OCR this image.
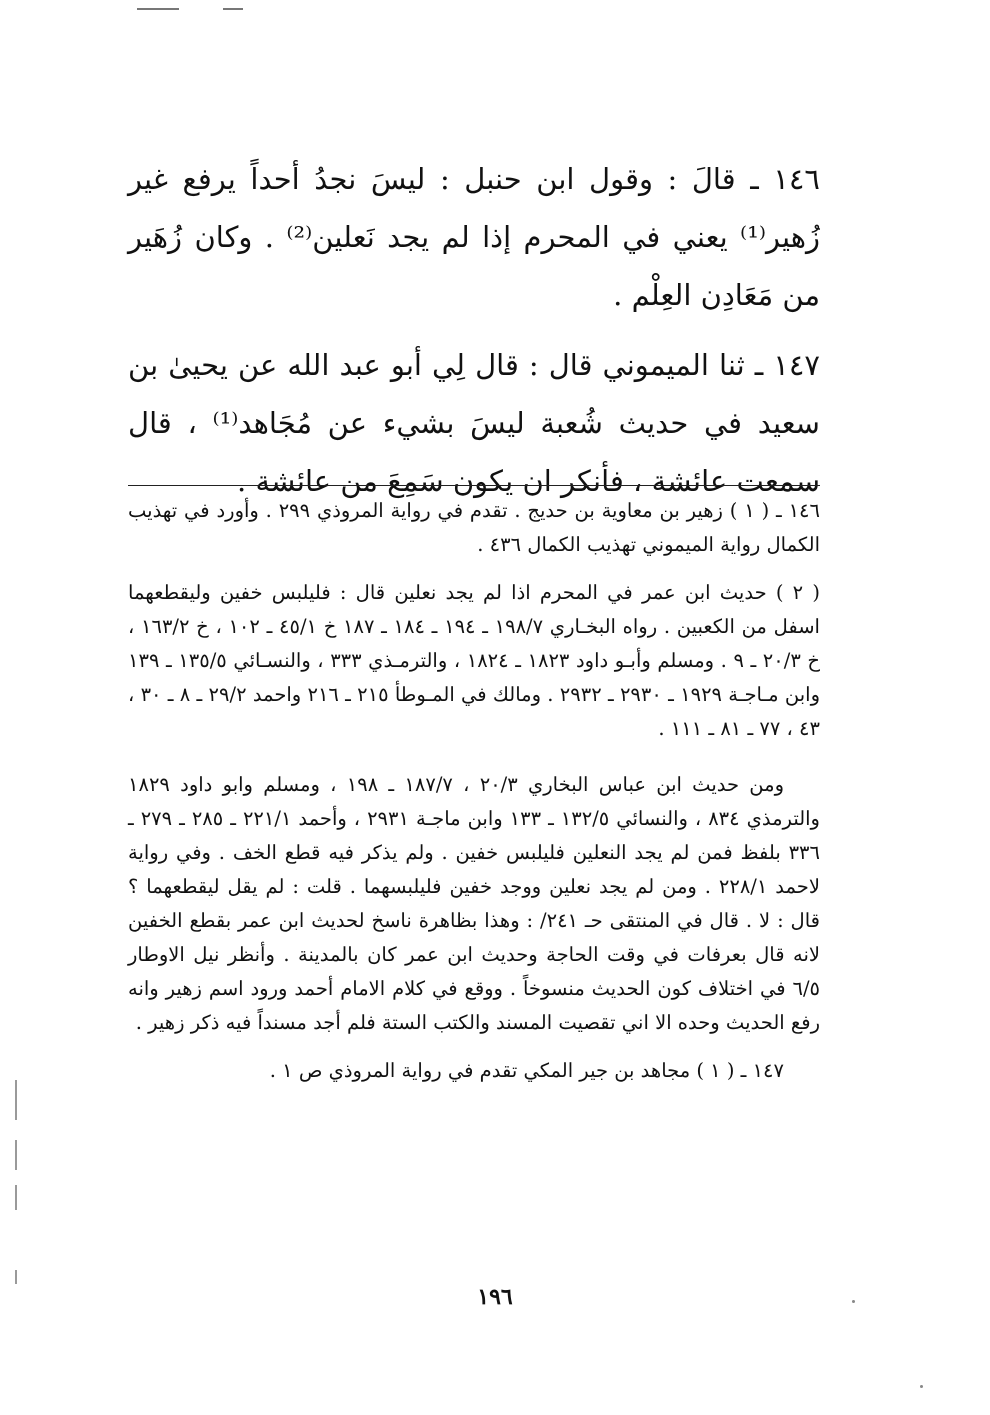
١٤٦ ـ قالَ : وقول ابن حنبل : ليسَ نجدُ أحداً يرفع غير زُهير⁽¹⁾ يعني في المحرم إذا لم يجد نَعلين⁽²⁾ . وكان زُهَير من مَعَادِن العِلْم .

١٤٧ ـ ثنا الميموني قال : قال لِي أبو عبد الله عن يحيىٰ بن سعيد في حديث شُعبة ليسَ بشيء عن مُجَاهد⁽¹⁾ ، قال سمعت عائشة ، فأنكر ان يكون سَمِعَ من عائشة .

١٤٦ ـ ( ١ ) زهير بن معاوية بن حديج . تقدم في رواية المروذي ٢٩٩ . وأورد في تهذيب الكمال رواية الميموني تهذيب الكمال ٤٣٦ .

( ٢ ) حديث ابن عمر في المحرم اذا لم يجد نعلين قال : فليلبس خفين وليقطعهما اسفل من الكعبين . رواه البخـاري ١٩٨/٧ ـ ١٩٤ ـ ١٨٤ ـ ١٨٧ خ ٤٥/١ ـ ١٠٢ ، خ ١٦٣/٢ ، خ ٢٠/٣ ـ ٩ . ومسلم وأبـو داود ١٨٢٣ ـ ١٨٢٤ ، والترمـذي ٣٣٣ ، والنسـائي ١٣٥/٥ ـ ١٣٩ وابن مـاجـة ١٩٢٩ ـ ٢٩٣٠ ـ ٢٩٣٢ . ومالك في المـوطأ ٢١٥ ـ ٢١٦ واحمد ٢٩/٢ ـ ٨ ـ ٣٠ ، ٤٣ ، ٧٧ ـ ٨١ ـ ١١١ .

ومن حديث ابن عباس البخاري ٢٠/٣ ، ١٨٧/٧ ـ ١٩٨ ، ومسلم وابو داود ١٨٢٩ والترمذي ٨٣٤ ، والنسائي ١٣٢/٥ ـ ١٣٣ وابن ماجـة ٢٩٣١ ، وأحمد ٢٢١/١ ـ ٢٨٥ ـ ٢٧٩ ـ ٣٣٦ بلفظ فمن لم يجد النعلين فليلبس خفين . ولم يذكر فيه قطع الخف . وفي رواية لاحمد ٢٢٨/١ . ومن لم يجد نعلين ووجد خفين فليلبسهما . قلت : لم يقل ليقطعهما ؟ قال : لا . قال في المنتقى حـ ٢٤١/ : وهذا بظاهرة ناسخ لحديث ابن عمر بقطع الخفين لانه قال بعرفات في وقت الحاجة وحديث ابن عمر كان بالمدينة . وأنظر نيل الاوطار ٦/٥ في اختلاف كون الحديث منسوخاً . ووقع في كلام الامام أحمد ورود اسم زهير وانه رفع الحديث وحده الا اني تقصيت المسند والكتب الستة فلم أجد مسنداً فيه ذكر زهير .

١٤٧ ـ ( ١ ) مجاهد بن جير المكي تقدم في رواية المروذي ص ١ .

١٩٦
